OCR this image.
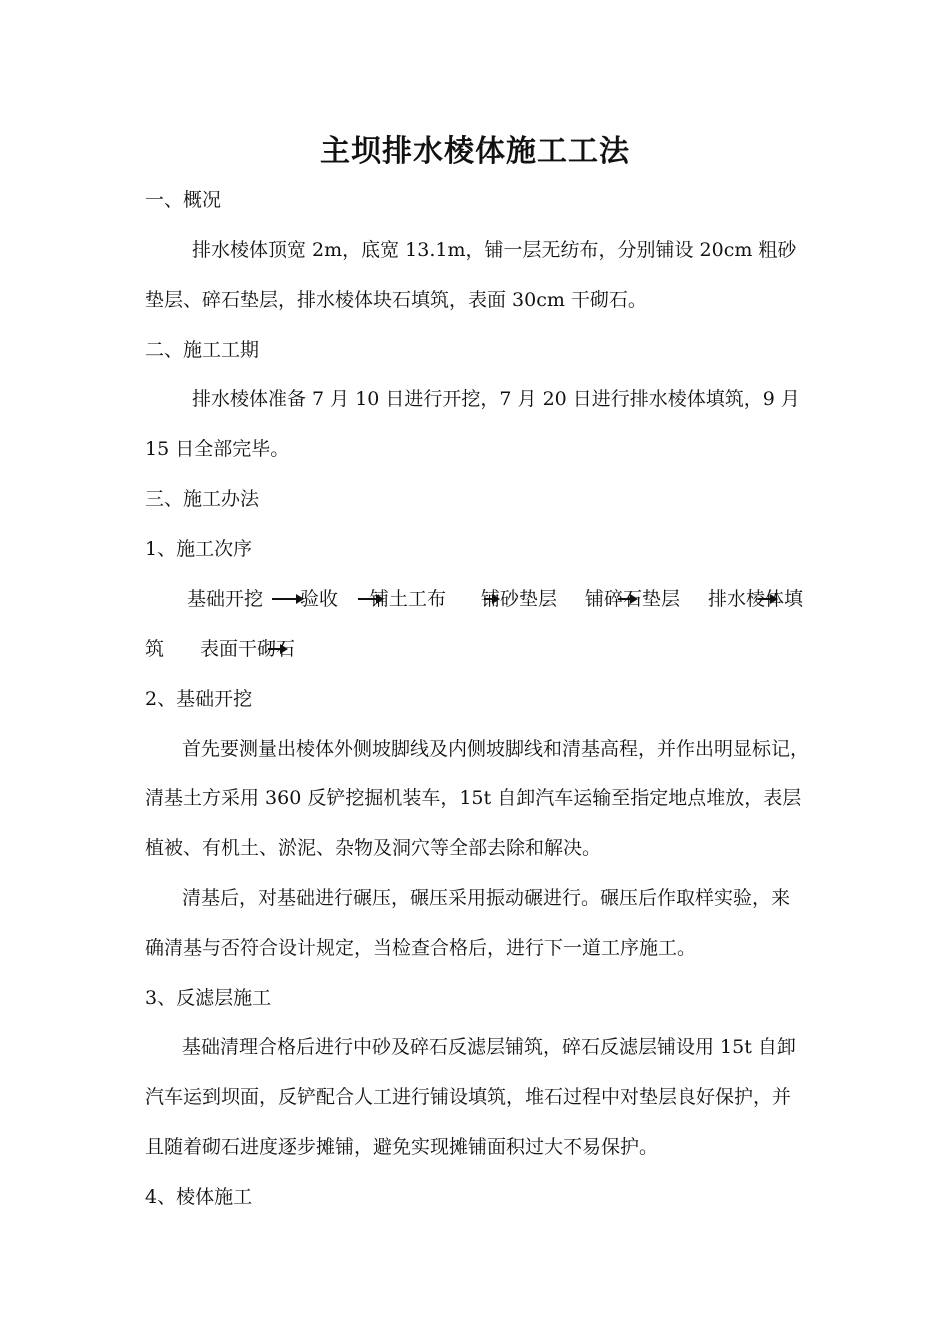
主坝排水棱体施工工法
一、概况
排水棱体顶宽 2m，底宽 13.1m，铺一层无纺布，分别铺设 20cm 粗砂
垫层、碎石垫层，排水棱体块石填筑，表面 30cm 干砌石。
二、施工工期
排水棱体准备 7 月 10 日进行开挖，7 月 20 日进行排水棱体填筑，9 月
15 日全部完毕。
三、施工办法
1、施工次序
基础开挖 验收 铺土工布 铺砂垫层 铺碎石垫层 排水棱体填
筑 表面干砌石
2、基础开挖
首先要测量出棱体外侧坡脚线及内侧坡脚线和清基高程，并作出明显标记，
清基土方采用 360 反铲挖掘机装车，15t 自卸汽车运输至指定地点堆放，表层
植被、有机土、淤泥、杂物及洞穴等全部去除和解决。
清基后，对基础进行碾压，碾压采用振动碾进行。碾压后作取样实验，来
确清基与否符合设计规定，当检查合格后，进行下一道工序施工。
3、反滤层施工
基础清理合格后进行中砂及碎石反滤层铺筑，碎石反滤层铺设用 15t 自卸
汽车运到坝面，反铲配合人工进行铺设填筑，堆石过程中对垫层良好保护，并
且随着砌石进度逐步摊铺，避免实现摊铺面积过大不易保护。
4、棱体施工
